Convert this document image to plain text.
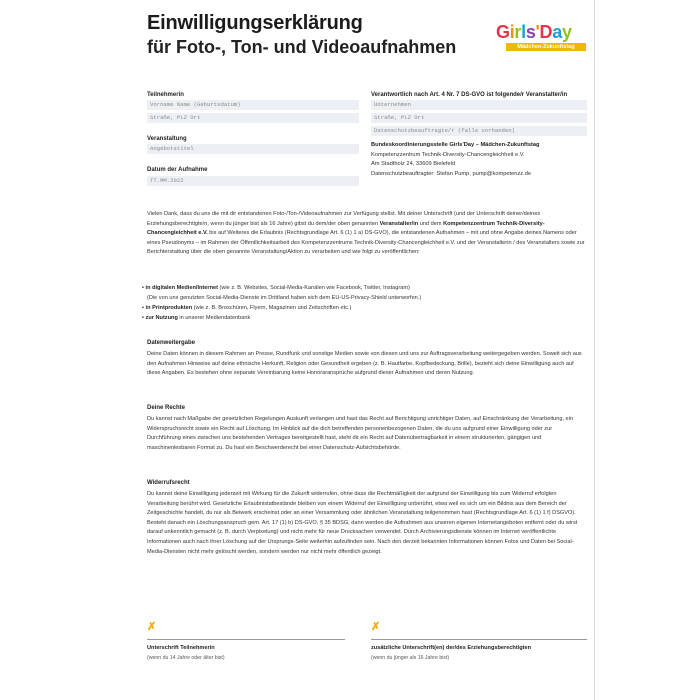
Einwilligungserklärung
für Foto-, Ton- und Videoaufnahmen
Girls'Day
Mädchen-Zukunftstag
Teilnehmerin
Vorname Name (Geburtsdatum)
Straße, PLZ Ort
Veranstaltung
Angebotstitel
Datum der Aufnahme
TT.MM.2022
Verantwortlich nach Art. 4 Nr. 7 DS-GVO ist folgende/r Veranstalter/in
Unternehmen
Straße, PLZ Ort
Datenschutzbeauftragte/r (falls vorhanden)
Bundeskoordinierungsstelle Girls'Day – Mädchen-Zukunftstag
Kompetenzzentrum Technik-Diversity-Chancengleichheit e.V.
Am Stadtholz 24, 33609 Bielefeld
Datenschutzbeauftragter: Stefan Pump, pump@kompetenzz.de

Vielen Dank, dass du uns die mit dir entstandenen Foto-/Ton-/Videoaufnahmen zur Verfügung stellst. Mit deiner Unterschrift (und der Unterschrift deiner/deines Erziehungsberechtigte/n, wenn du jünger bist als 16 Jahre) gibst du dem/der oben genannten Veranstalter/in und dem Kompetenzzentrum Technik-Diversity-Chancengleichheit e.V. bis auf Weiteres die Erlaubnis (Rechtsgrundlage Art. 6 (1) 1 a) DS-GVO), die entstandenen Aufnahmen – mit und ohne Angabe deines Namens oder eines Pseudonyms – im Rahmen der Öffentlichkeitsarbeit des Kompetenzzentrums Technik-Diversity-Chancengleichheit e.V. und der Veranstalterin / des Veranstalters sowie zur Berichterstattung über die oben genannte Veranstaltung/Aktion zu verarbeiten und wie folgt zu veröffentlichen:

▪ in digitalen Medien/Internet (wie z. B. Websites, Social-Media-Kanälen wie Facebook, Twitter, Instagram)
(Die von uns genutzten Social-Media-Dienste im Drittland haben sich dem EU-US-Privacy-Shield unterworfen.)
▪ in Printprodukten (wie z. B. Broschüren, Flyern, Magazinen und Zeitschriften etc.)
▪ zur Nutzung in unserer Mediendatenbank
Datenweitergabe

Deine Daten können in diesem Rahmen an Presse, Rundfunk und sonstige Medien sowie von diesen und uns zur Auftragsverarbeitung weitergegeben werden. Soweit sich aus den Aufnahmen Hinweise auf deine ethnische Herkunft, Religion oder Gesundheit ergeben (z. B. Hautfarbe, Kopfbedeckung, Brille), bezieht sich deine Einwilligung auch auf diese Angaben. Es bestehen ohne separate Vereinbarung keine Honoraransprüche aufgrund dieser Aufnahmen und deren Nutzung.

Deine Rechte

Du kannst nach Maßgabe der gesetzlichen Regelungen Auskunft verlangen und hast das Recht auf Berichtigung unrichtiger Daten, auf Einschränkung der Verarbeitung, ein Widerspruchsrecht sowie ein Recht auf Löschung. Im Hinblick auf die dich betreffenden personenbezogenen Daten, die du uns aufgrund einer Einwilligung oder zur Durchführung eines zwischen uns bestehenden Vertrages bereitgestellt hast, steht dir ein Recht auf Datenübertragbarkeit in einem strukturierten, gängigen und maschinenlesbaren Format zu. Du hast ein Beschwerderecht bei einer Datenschutz-Aufsichtsbehörde.

Widerrufsrecht

Du kannst deine Einwilligung jederzeit mit Wirkung für die Zukunft widerrufen, ohne dass die Rechtmäßigkeit der aufgrund der Einwilligung bis zum Widerruf erfolgten Verarbeitung berührt wird. Gesetzliche Erlaubnistatbestände bleiben von einem Widerruf der Einwilligung unberührt, etwa weil es sich um ein Bildnis aus dem Bereich der Zeitgeschichte handelt, du nur als Beiwerk erscheinst oder an einer Versammlung oder ähnlichen Veranstaltung teilgenommen hast (Rechtsgrundlage Art. 6 (1) 1 f) DSGVO). Besteht danach ein Löschungsanspruch gem. Art. 17 (1) b) DS-GVO, § 35 BDSG, dann werden die Aufnahmen aus unseren eigenen Internetangeboten entfernt oder du wirst darauf unkenntlich gemacht (z. B. durch Verpixelung) und nicht mehr für neue Drucksachen verwendet. Durch Archivierungsdienste können im Internet veröffentlichte Informationen auch nach ihrer Löschung auf der Ursprungs-Seite weiterhin aufzufinden sein. Nach den derzeit bekannten Informationen können Fotos und Daten bei Social-Media-Diensten nicht mehr gelöscht werden, sondern werden nur nicht mehr öffentlich gezeigt.

✗
Unterschrift Teilnehmerin
(wenn du 14 Jahre oder älter bist)
✗
zusätzliche Unterschrift(en) der/des Erziehungsberechtigten
(wenn du jünger als 16 Jahre bist)
